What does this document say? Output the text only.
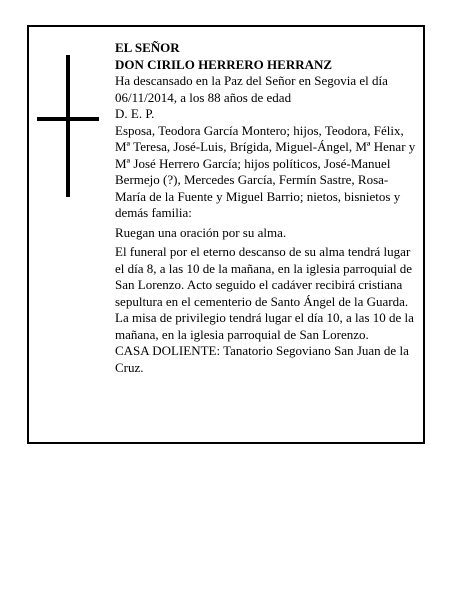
EL SEÑOR

DON CIRILO HERRERO HERRANZ

Ha descansado en la Paz del Señor en Segovia el día 06/11/2014, a los 88 años de edad

D. E. P.

Esposa, Teodora García Montero; hijos, Teodora, Félix, Mª Teresa, José-Luis, Brígida, Miguel-Ángel, Mª Henar y Mª José Herrero García; hijos políticos, José-Manuel Bermejo (?), Mercedes García, Fermín Sastre, Rosa-María de la Fuente y Miguel Barrio; nietos, bisnietos y demás familia:

Ruegan una oración por su alma.

El funeral por el eterno descanso de su alma tendrá lugar el día 8, a las 10 de la mañana, en la iglesia parroquial de San Lorenzo. Acto seguido el cadáver recibirá cristiana sepultura en el cementerio de Santo Ángel de la Guarda. La misa de privilegio tendrá lugar el día 10, a las 10 de la mañana, en la iglesia parroquial de San Lorenzo.

CASA DOLIENTE: Tanatorio Segoviano San Juan de la Cruz.
